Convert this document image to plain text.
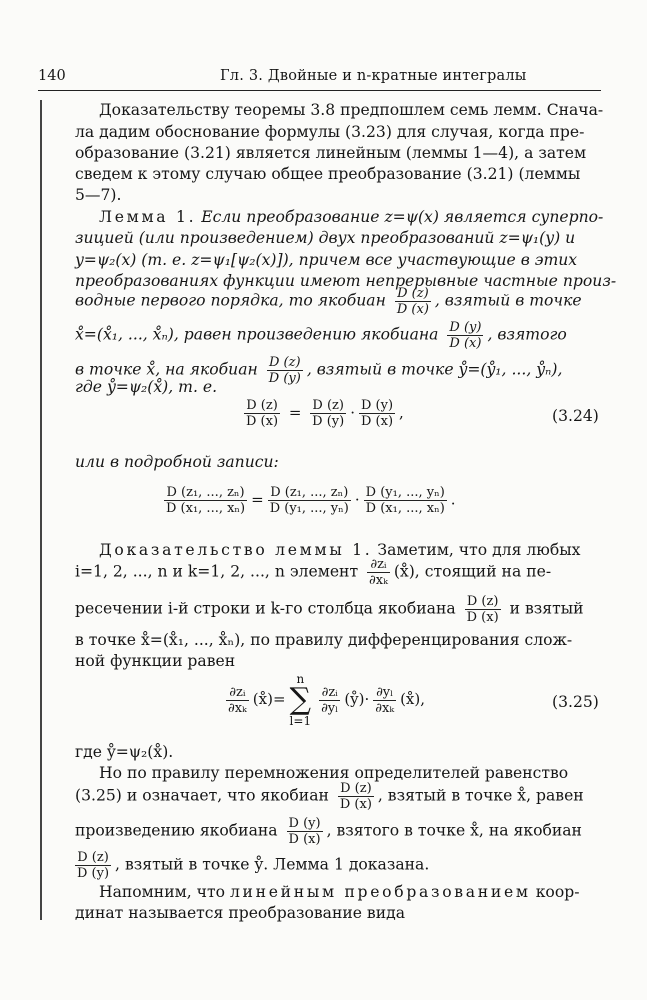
140	Гл. 3. Двойные и n-кратные интегралы
Доказательству теоремы 3.8 предпошлем семь лемм. Снача-
ла дадим обоснование формулы (3.23) для случая, когда пре-
образование (3.21) является линейным (леммы 1—4), а затем
сведем к этому случаю общее преобразование (3.21) (леммы
5—7).
Лемма 1. Если преобразование z=ψ(x) является суперпо-
зицией (или произведением) двух преобразований z=ψ₁(y) и
y=ψ₂(x) (т. е. z=ψ₁[ψ₂(x)]), причем все участвующие в этих
преобразованиях функции имеют непрерывные частные произ-
водные первого порядка, то якобиан $\frac{D (z)}{D (x)}$ , взятый в точке
x̊=(x̊₁, ..., x̊ₙ), равен произведению якобиана $\frac{D (y)}{D (x)}$ , взятого
в точке x̊, на якобиан $\frac{D (z)}{D (y)}$ , взятый в точке ẙ=(ẙ₁, ..., ẙₙ),
где ẙ=ψ₂(x̊), т. е.
$\frac{D (z)}{D (x)} = \frac{D (z)}{D (y)} \cdot \frac{D (y)}{D (x)}$ ,	(3.24)
или в подробной записи:
$\frac{\text{D (z₁, ..., zₙ)}}{\text{D (x₁, ..., xₙ)}} = \frac{\text{D (z₁, ..., zₙ)}}{\text{D (y₁, ..., yₙ)}} \cdot \frac{\text{D (y₁, ..., yₙ)}}{\text{D (x₁, ..., xₙ)}}$ .
Доказательство леммы 1. Заметим, что для любых
i=1, 2, ..., n и k=1, 2, ..., n элемент $\frac{\text{∂zᵢ}}{\text{∂xₖ}}$ (x̊), стоящий на пе-
ресечении i-й строки и k-го столбца якобиана $\frac{D (z)}{D (x)}$ и взятый
в точке x̊=(x̊₁, ..., x̊ₙ), по правилу дифференцирования слож-
ной функции равен
$\frac{\text{∂zᵢ}}{\text{∂xₖ}}$ (x̊)=n
∑
l=1
$\frac{\text{∂zᵢ}}{\text{∂yₗ}}$ (ẙ)· $\frac{\text{∂yₗ}}{\text{∂xₖ}}$ (x̊),	(3.25)
где ẙ=ψ₂(x̊).
Но по правилу перемножения определителей равенство
(3.25) и означает, что якобиан $\frac{D (z)}{D (x)}$ , взятый в точке x̊, равен
произведению якобиана $\frac{D (y)}{D (x)}$ , взятого в точке x̊, на якобиан
$\frac{D (z)}{D (y)}$ , взятый в точке ẙ. Лемма 1 доказана.
Напомним, что линейным преобразованием коор-
динат называется преобразование вида
